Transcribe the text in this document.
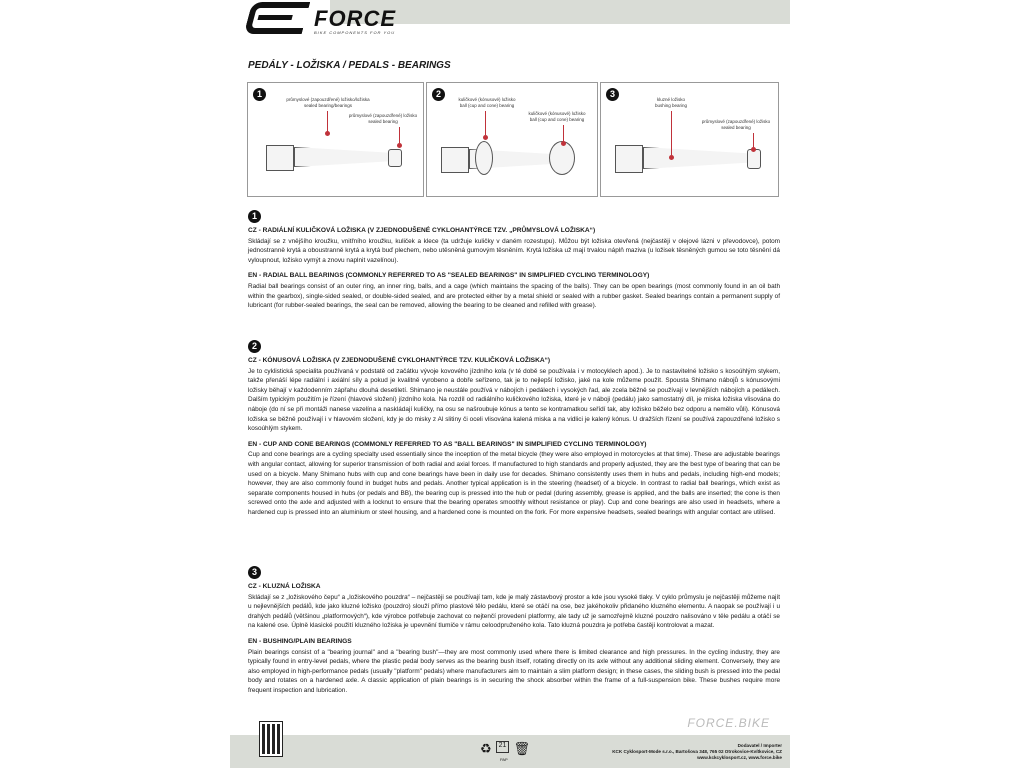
FORCE
BIKE COMPONENTS FOR YOU
PEDÁLY - LOŽISKA / PEDALS - BEARINGS
1
průmyslové (zapouzdřené) ložisko/ložiska
sealed bearing/bearings
průmyslové (zapouzdřené) ložisko
sealed bearing
2
kuličkové (kónusové) ložisko
ball (cup and cone) bearing
kuličkové (kónusové) ložisko
ball (cup and cone) bearing
3
kluzné ložisko
bushing bearing
průmyslové (zapouzdřené) ložisko
sealed bearing
1
CZ - RADIÁLNÍ KULIČKOVÁ LOŽISKA (V ZJEDNODUŠENÉ CYKLOHANTÝRCE TZV. „PRŮMYSLOVÁ LOŽISKA“)

Skládají se z vnějšího kroužku, vnitřního kroužku, kuliček a klece (ta udržuje kuličky v daném rozestupu). Můžou být ložiska otevřená (nejčastěji v olejové lázni v převodovce), potom jednostranně krytá a oboustranně krytá a krytá buď plechem, nebo utěsněná gumovým těsněním. Krytá ložiska už mají trvalou náplň maziva (u ložisek těsněných gumou se toto těsnění dá vyloupnout, ložisko vymýt a znovu naplnit vazelínou).

EN - RADIAL BALL BEARINGS (COMMONLY REFERRED TO AS "SEALED BEARINGS" IN SIMPLIFIED CYCLING TERMINOLOGY)

Radial ball bearings consist of an outer ring, an inner ring, balls, and a cage (which maintains the spacing of the balls). They can be open bearings (most commonly found in an oil bath within the gearbox), single-sided sealed, or double-sided sealed, and are protected either by a metal shield or sealed with a rubber gasket. Sealed bearings contain a permanent supply of lubricant (for rubber-sealed bearings, the seal can be removed, allowing the bearing to be cleaned and refilled with grease).

2
CZ - KÓNUSOVÁ LOŽISKA (V ZJEDNODUŠENÉ CYKLOHANTÝRCE TZV. KULIČKOVÁ LOŽISKA“)

Je to cyklistická specialita používaná v podstatě od začátku vývoje kovového jízdního kola (v té době se používala i v motocyklech apod.). Je to nastavitelné ložisko s kosoúhlým stykem, takže přenáší lépe radiální i axiální síly a pokud je kvalitně vyrobeno a dobře seřízeno, tak je to nejlepší ložisko, jaké na kole můžeme použít. Spousta Shimano nábojů s kónusovými ložisky běhají v každodenním zápřahu dlouhá desetiletí. Shimano je neustále používá v nábojích i pedálech i vysokých řad, ale zcela běžně se používají v levnějších nábojích a pedálech. Dalším typickým použitím je řízení (hlavové složení) jízdního kola. Na rozdíl od radiálního kuličkového ložiska, které je v náboji (pedálu) jako samostatný díl, je miska ložiska vlisována do náboje (do ní se při montáži nanese vazelína a naskládají kuličky, na osu se našroubuje kónus a tento se kontramatkou seřídí tak, aby ložisko běželo bez odporu a nemělo vůli). Kónusová ložiska se běžně používají i v hlavovém složení, kdy je do misky z Al slitiny či oceli vlisována kalená miska a na vidlici je kalený kónus. U dražších řízení se používá zapouzdřené ložisko s kosoúhlým stykem.

EN - CUP AND CONE BEARINGS (COMMONLY REFERRED TO AS "BALL BEARINGS" IN SIMPLIFIED CYCLING TERMINOLOGY)

Cup and cone bearings are a cycling specialty used essentially since the inception of the metal bicycle (they were also employed in motorcycles at that time). These are adjustable bearings with angular contact, allowing for superior transmission of both radial and axial forces. If manufactured to high standards and properly adjusted, they are the best type of bearing that can be used on a bicycle. Many Shimano hubs with cup and cone bearings have been in daily use for decades. Shimano consistently uses them in hubs and pedals, including high-end models; however, they are also commonly found in budget hubs and pedals. Another typical application is in the steering (headset) of a bicycle. In contrast to radial ball bearings, which exist as separate components housed in hubs (or pedals and BB), the bearing cup is pressed into the hub or pedal (during assembly, grease is applied, and the balls are inserted; the cone is then screwed onto the axle and adjusted with a locknut to ensure that the bearing operates smoothly without resistance or play). Cup and cone bearings are also used in headsets, where a hardened cup is pressed into an aluminium or steel housing, and a hardened cone is mounted on the fork. For more expensive headsets, sealed bearings with angular contact are utilised.

3
CZ - KLUZNÁ LOŽISKA

Skládají se z „ložiskového čepu“ a „ložiskového pouzdra“ – nejčastěji se používají tam, kde je malý zástavbový prostor a kde jsou vysoké tlaky. V cyklo průmyslu je nejčastěji můžeme najít u nejlevnějších pedálů, kde jako kluzné ložisko (pouzdro) slouží přímo plastové tělo pedálu, které se otáčí na ose, bez jakéhokoliv přidaného kluzného elementu. A naopak se používají i u drahých pedálů (většinou „platformových“), kde výrobce potřebuje zachovat co nejtenčí provedení platformy, ale tady už je samozřejmě kluzné pouzdro nalisováno v těle pedálu a otáčí se na kalené ose. Úplně klasické použití kluzného ložiska je upevnění tlumiče v rámu celoodpruženého kola. Tato kluzná pouzdra je potřeba častěji kontrolovat a mazat.

EN - BUSHING/PLAIN BEARINGS

Plain bearings consist of a "bearing journal" and a "bearing bush"—they are most commonly used where there is limited clearance and high pressures. In the cycling industry, they are typically found in entry-level pedals, where the plastic pedal body serves as the bearing bush itself, rotating directly on its axle without any additional sliding element. Conversely, they are also employed in high-performance pedals (usually "platform" pedals) where manufacturers aim to maintain a slim platform design; in these cases, the sliding bush is pressed into the pedal body and rotates on a hardened axle. A classic application of plain bearings is in securing the shock absorber within the frame of a full-suspension bike. These bushes require more frequent inspection and lubrication.

♻	21 🗑
PAP
Dodavatel / Importer
KCK Cyklosport-Mode s.r.o., Bartošova 348, 765 02 Otrokovice-Kvítkovice, CZ
www.kckcyklosport.cz, www.force.bike
FORCE.BIKE
